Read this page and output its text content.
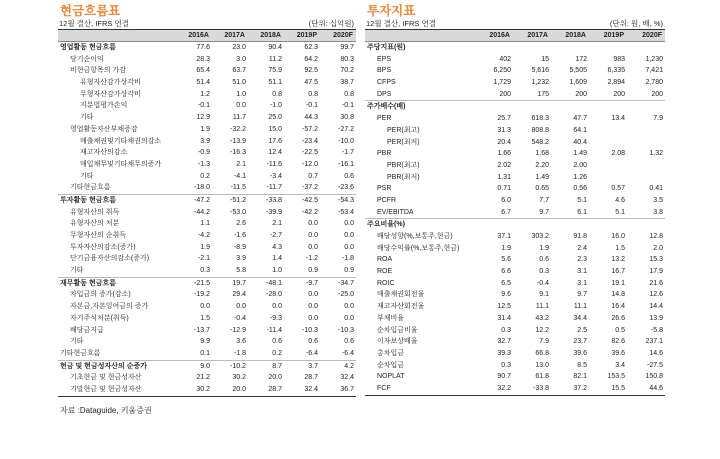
현금흐름표
12월 결산, IFRS 연결	(단위: 십억원)
	2016A	2017A	2018A	2019P	2020F
영업활동 현금흐름	77.6	23.0	90.4	62.3	99.7
당기순이익	28.3	3.0	11.2	64.2	80.3
비현금항목의 가감	65.4	63.7	75.9	92.5	70.2
유형자산감가상각비	51.4	51.0	51.1	47.5	38.7
무형자산감가상각비	1.2	1.0	0.8	0.8	0.8
지분법평가손익	-0.1	0.0	-1.0	-0.1	-0.1
기타	12.9	11.7	25.0	44.3	30.8
영업활동자산부채증감	1.9	-32.2	15.0	-57.2	-27.2
매출채권및기타채권의감소	3.9	-13.9	17.6	-23.4	-10.0
재고자산의감소	-0.9	-16.3	12.4	-22.5	-1.7
매입채무및기타채무의증가	-1.3	2.1	-11.6	-12.0	-16.1
기타	0.2	-4.1	-3.4	0.7	0.6
기타현금흐름	-18.0	-11.5	-11.7	-37.2	-23.6
투자활동 현금흐름	-47.2	-51.2	-33.8	-42.5	-54.3
유형자산의 취득	-44.2	-53.0	-39.9	-42.2	-53.4
유형자산의 처분	1.1	2.6	2.1	0.0	0.0
무형자산의 순취득	-4.2	-1.6	-2.7	0.0	0.0
투자자산의감소(증가)	1.9	-8.9	4.3	0.0	0.0
단기금융자산의감소(증가)	-2.1	3.9	1.4	-1.2	-1.8
기타	0.3	5.8	1.0	0.9	0.9
재무활동 현금흐름	-21.5	19.7	-48.1	-9.7	-34.7
차입금의 증가(감소)	-19.2	29.4	-28.0	0.0	-25.0
자본금,자본잉여금의 증가	0.0	0.0	0.0	0.0	0.0
자기주식처분(취득)	1.5	-0.4	-9.3	0.0	0.0
배당금지급	-13.7	-12.9	-11.4	-10.3	-10.3
기타	9.9	3.6	0.6	0.6	0.6
기타현금흐름	0.1	-1.8	0.2	-6.4	-6.4
현금 및 현금성자산의 순증가	9.0	-10.2	8.7	3.7	4.2
기초현금 및 현금성자산	21.2	30.2	20.0	28.7	32.4
기말현금 및 현금성자산	30.2	20.0	28.7	32.4	36.7
투자지표
12월 결산, IFRS 연결	(단위: 원, 배, %)
	2016A	2017A	2018A	2019P	2020F
주당지표(원)					
EPS	402	15	172	983	1,230
BPS	6,250	5,616	5,505	6,335	7,421
CFPS	1,729	1,232	1,609	2,894	2,780
DPS	200	175	200	200	200
주가배수(배)					
PER	25.7	618.3	47.7	13.4	7.9
PER(최고)	31.3	808.8	64.1		
PER(최저)	20.4	548.2	40.4		
PBR	1.66	1.68	1.49	2.08	1.32
PBR(최고)	2.02	2.20	2.00		
PBR(최저)	1.31	1.49	1.26		
PSR	0.71	0.65	0.56	0.57	0.41
PCFR	6.0	7.7	5.1	4.6	3.5
EV/EBITDA	6.7	9.7	6.1	5.1	3.8
주요비율(%)					
배당성향(%,보통주,현금)	37.1	303.2	91.8	16.0	12.8
배당수익률(%,보통주,현금)	1.9	1.9	2.4	1.5	2.0
ROA	5.6	0.6	2.3	13.2	15.3
ROE	6.6	0.3	3.1	16.7	17.9
ROIC	6.5	-0.4	3.1	19.1	21.6
매출채권회전율	9.6	9.1	9.7	14.8	12.6
재고자산회전율	12.5	11.1	11.1	16.4	14.4
부채비율	31.4	43.2	34.4	26.6	13.9
순차입금비율	0.3	12.2	2.5	0.5	-5.8
이자보상배율	32.7	7.9	23.7	82.6	237.1
총차입금	39.3	66.8	39.6	39.6	14.6
순차입금	0.3	13.0	8.5	3.4	-27.5
NOPLAT	90.7	61.8	82.1	153.5	150.8
FCF	32.2	-33.8	37.2	15.5	44.6
자료 :Dataguide, 키움증권
